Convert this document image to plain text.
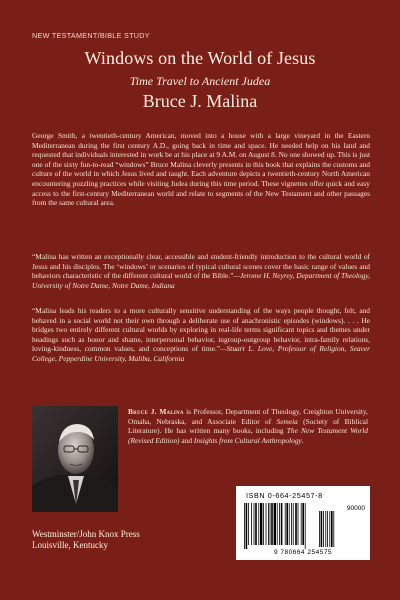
NEW TESTAMENT/BIBLE STUDY
Windows on the World of Jesus
Time Travel to Ancient Judea
Bruce J. Malina
George Smith, a twentieth-century American, moved into a house with a large vineyard in the Eastern Mediterranean during the first century A.D., going back in time and space. He needed help on his land and requested that individuals interested in work be at his place at 9 A.M. on August 8. No one showed up. This is just one of the sixty fun-to-read “windows” Bruce Malina cleverly presents in this book that explains the customs and culture of the world in which Jesus lived and taught. Each adventure depicts a twentieth-century North American encountering puzzling practices while visiting Judea during this time period. These vignettes offer quick and easy access to the first-century Mediterranean world and relate to segments of the New Testament and other passages from the same cultural area.
“Malina has written an exceptionally clear, accessible and student-friendly introduction to the cultural world of Jesus and his disciples. The ‘windows’ or scenarios of typical cultural scenes cover the basic range of values and behaviors characteristic of the different cultural world of the Bible.”—Jerome H. Neyrey, Department of Theology, University of Notre Dame, Notre Dame, Indiana
“Malina leads his readers to a more culturally sensitive understanding of the ways people thought, felt, and behaved in a social world not their own through a deliberate use of anachronistic episodes (windows). . . . He bridges two entirely different cultural worlds by exploring in real-life terms significant topics and themes under headings such as honor and shame, interpersonal behavior, ingroup-outgroup behavior, intra-family relations, loving-kindness, common values, and conceptions of time.”—Stuart L. Love, Professor of Religion, Seaver College, Pepperdine University, Malibu, California
Bruce J. Malina is Professor, Department of Theology, Creighton University, Omaha, Nebraska, and Associate Editor of Semeia (Society of Biblical Literature). He has written many books, including The New Testament World (Revised Edition) and Insights from Cultural Anthropology.
Westminster/John Knox Press
Louisville, Kentucky
ISBN 0-664-25457-8
90000
9 780664 254575
